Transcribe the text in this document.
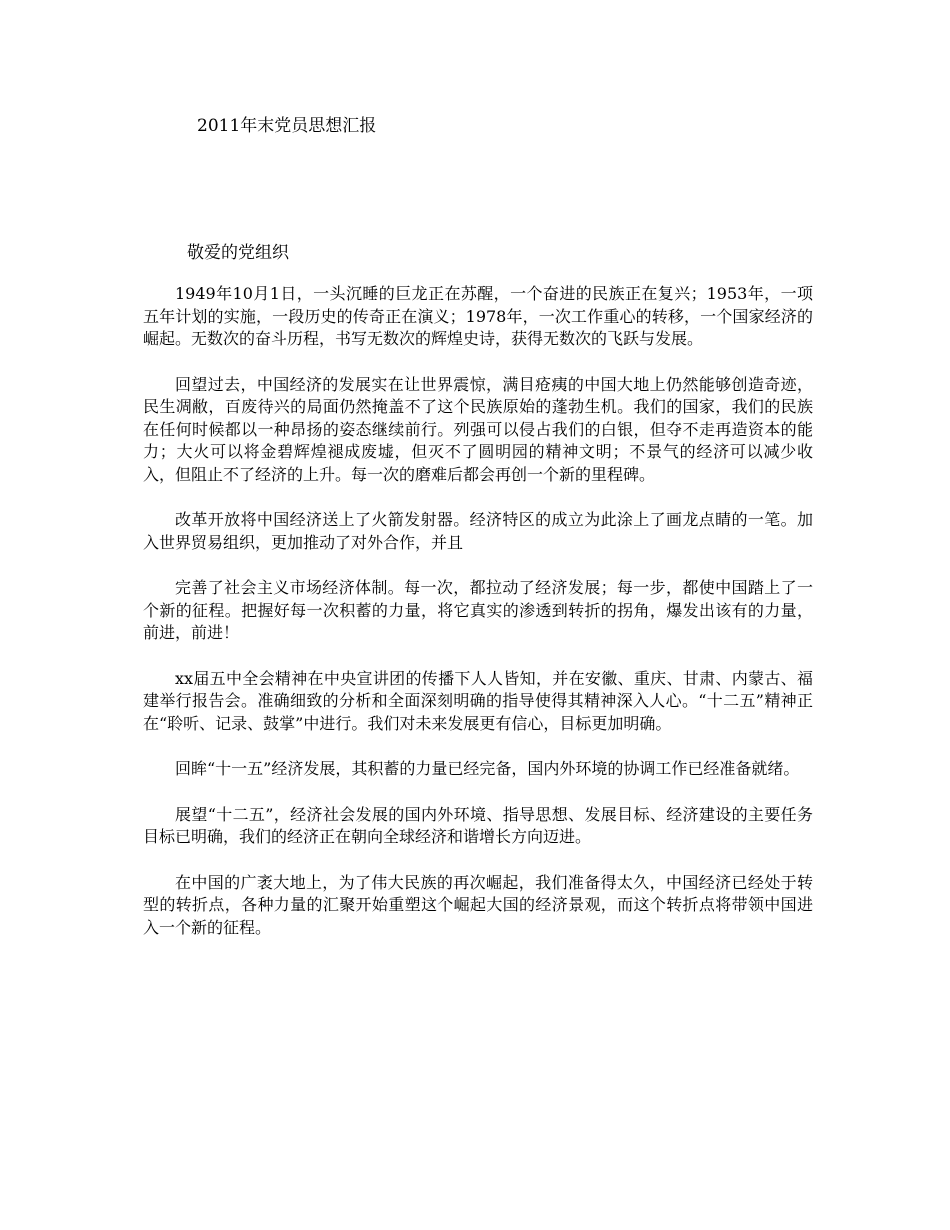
2011年末党员思想汇报
敬爱的党组织

1949年10月1日，一头沉睡的巨龙正在苏醒，一个奋进的民族正在复兴；1953年，一项五年计划的实施，一段历史的传奇正在演义；1978年，一次工作重心的转移，一个国家经济的崛起。无数次的奋斗历程，书写无数次的辉煌史诗，获得无数次的飞跃与发展。

回望过去，中国经济的发展实在让世界震惊，满目疮痍的中国大地上仍然能够创造奇迹，民生凋敝，百废待兴的局面仍然掩盖不了这个民族原始的蓬勃生机。我们的国家，我们的民族在任何时候都以一种昂扬的姿态继续前行。列强可以侵占我们的白银，但夺不走再造资本的能力；大火可以将金碧辉煌褪成废墟，但灭不了圆明园的精神文明；不景气的经济可以减少收入，但阻止不了经济的上升。每一次的磨难后都会再创一个新的里程碑。

改革开放将中国经济送上了火箭发射器。经济特区的成立为此涂上了画龙点睛的一笔。加入世界贸易组织，更加推动了对外合作，并且

完善了社会主义市场经济体制。每一次，都拉动了经济发展；每一步，都使中国踏上了一个新的征程。把握好每一次积蓄的力量，将它真实的渗透到转折的拐角，爆发出该有的力量，前进，前进！

xx届五中全会精神在中央宣讲团的传播下人人皆知，并在安徽、重庆、甘肃、内蒙古、福建举行报告会。准确细致的分析和全面深刻明确的指导使得其精神深入人心。“十二五”精神正在“聆听、记录、鼓掌”中进行。我们对未来发展更有信心，目标更加明确。

回眸“十一五”经济发展，其积蓄的力量已经完备，国内外环境的协调工作已经准备就绪。

展望“十二五”，经济社会发展的国内外环境、指导思想、发展目标、经济建设的主要任务目标已明确，我们的经济正在朝向全球经济和谐增长方向迈进。

在中国的广袤大地上，为了伟大民族的再次崛起，我们准备得太久，中国经济已经处于转型的转折点，各种力量的汇聚开始重塑这个崛起大国的经济景观，而这个转折点将带领中国进入一个新的征程。
